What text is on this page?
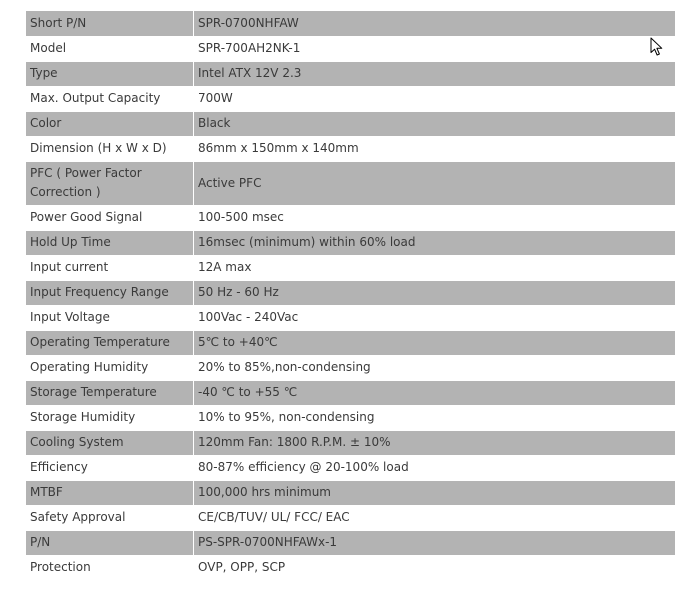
Short P/N	SPR-0700NHFAW
Model	SPR-700AH2NK-1
Type	Intel ATX 12V 2.3
Max. Output Capacity	700W
Color	Black
Dimension (H x W x D)	86mm x 150mm x 140mm
PFC ( Power Factor Correction )	Active PFC
Power Good Signal	100-500 msec
Hold Up Time	16msec (minimum) within 60% load
Input current	12A max
Input Frequency Range	50 Hz - 60 Hz
Input Voltage	100Vac - 240Vac
Operating Temperature	5℃ to +40℃
Operating Humidity	20% to 85%,non-condensing
Storage Temperature	-40 ℃ to +55 ℃
Storage Humidity	10% to 95%, non-condensing
Cooling System	120mm Fan: 1800 R.P.M. ± 10%
Efficiency	80-87% efficiency @ 20-100% load
MTBF	100,000 hrs minimum
Safety Approval	CE/CB/TUV/ UL/ FCC/ EAC
P/N	PS-SPR-0700NHFAWx-1
Protection	OVP, OPP, SCP
